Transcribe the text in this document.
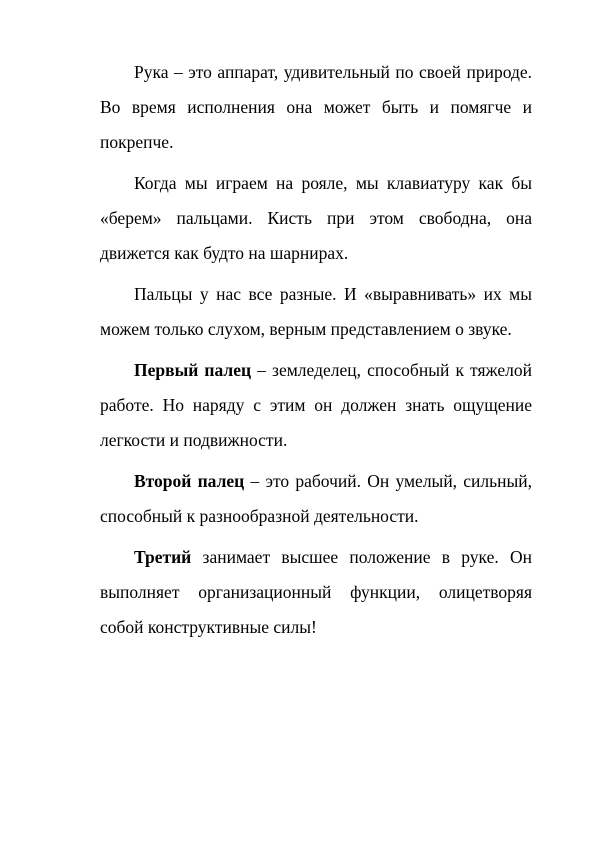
Рука – это аппарат, удивительный по своей природе. Во время исполнения она может быть и помягче и покрепче.

Когда мы играем на рояле, мы клавиатуру как бы «берем» пальцами. Кисть при этом свободна, она движется как будто на шарнирах.

Пальцы у нас все разные. И «выравнивать» их мы можем только слухом, верным представлением о звуке.

Первый палец – земледелец, способный к тяжелой работе. Но наряду с этим он должен знать ощущение легкости и подвижности.

Второй палец – это рабочий. Он умелый, сильный, способный к разнообразной деятельности.

Третий занимает высшее положение в руке. Он выполняет организационный функции, олицетворяя собой конструктивные силы!
